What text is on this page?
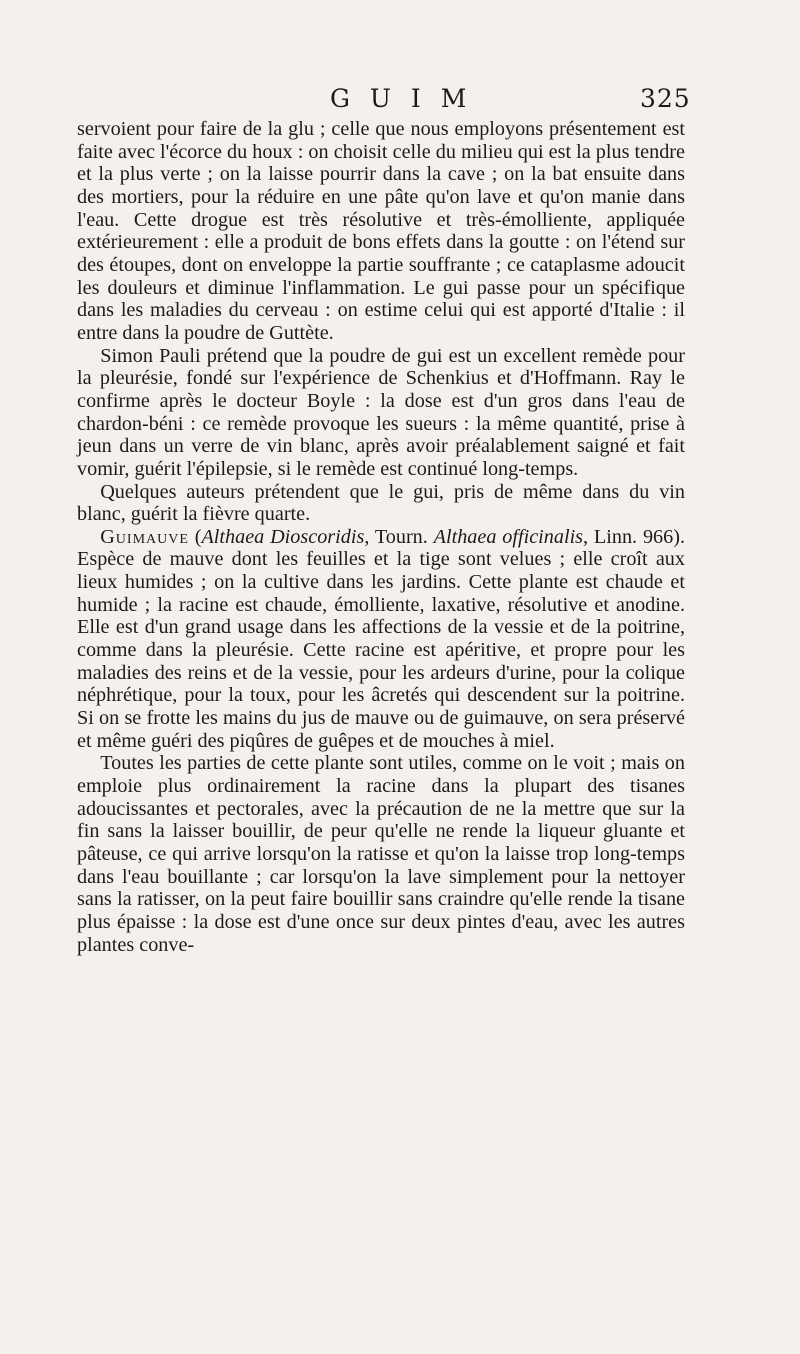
G U I M	325

servoient pour faire de la glu ; celle que nous employons présentement est faite avec l'écorce du houx : on choisit celle du milieu qui est la plus tendre et la plus verte ; on la laisse pourrir dans la cave ; on la bat ensuite dans des mortiers, pour la réduire en une pâte qu'on lave et qu'on manie dans l'eau. Cette drogue est très résolutive et très-émolliente, appliquée extérieurement : elle a produit de bons effets dans la goutte : on l'étend sur des étoupes, dont on enveloppe la partie souffrante ; ce cataplasme adoucit les douleurs et diminue l'inflammation. Le gui passe pour un spécifique dans les maladies du cerveau : on estime celui qui est apporté d'Italie : il entre dans la poudre de Guttète.

Simon Pauli prétend que la poudre de gui est un excellent remède pour la pleurésie, fondé sur l'expérience de Schenkius et d'Hoffmann. Ray le confirme après le docteur Boyle : la dose est d'un gros dans l'eau de chardon-béni : ce remède provoque les sueurs : la même quantité, prise à jeun dans un verre de vin blanc, après avoir préalablement saigné et fait vomir, guérit l'épilepsie, si le remède est continué long-temps.

Quelques auteurs prétendent que le gui, pris de même dans du vin blanc, guérit la fièvre quarte.

Guimauve (Althaea Dioscoridis, Tourn. Althaea officinalis, Linn. 966). Espèce de mauve dont les feuilles et la tige sont velues ; elle croît aux lieux humides ; on la cultive dans les jardins. Cette plante est chaude et humide ; la racine est chaude, émolliente, laxative, résolutive et anodine. Elle est d'un grand usage dans les affections de la vessie et de la poitrine, comme dans la pleurésie. Cette racine est apéritive, et propre pour les maladies des reins et de la vessie, pour les ardeurs d'urine, pour la colique néphrétique, pour la toux, pour les âcretés qui descendent sur la poitrine. Si on se frotte les mains du jus de mauve ou de guimauve, on sera préservé et même guéri des piqûres de guêpes et de mouches à miel.

Toutes les parties de cette plante sont utiles, comme on le voit ; mais on emploie plus ordinairement la racine dans la plupart des tisanes adoucissantes et pectorales, avec la précaution de ne la mettre que sur la fin sans la laisser bouillir, de peur qu'elle ne rende la liqueur gluante et pâteuse, ce qui arrive lorsqu'on la ratisse et qu'on la laisse trop long-temps dans l'eau bouillante ; car lorsqu'on la lave simplement pour la nettoyer sans la ratisser, on la peut faire bouillir sans craindre qu'elle rende la tisane plus épaisse : la dose est d'une once sur deux pintes d'eau, avec les autres plantes conve-
